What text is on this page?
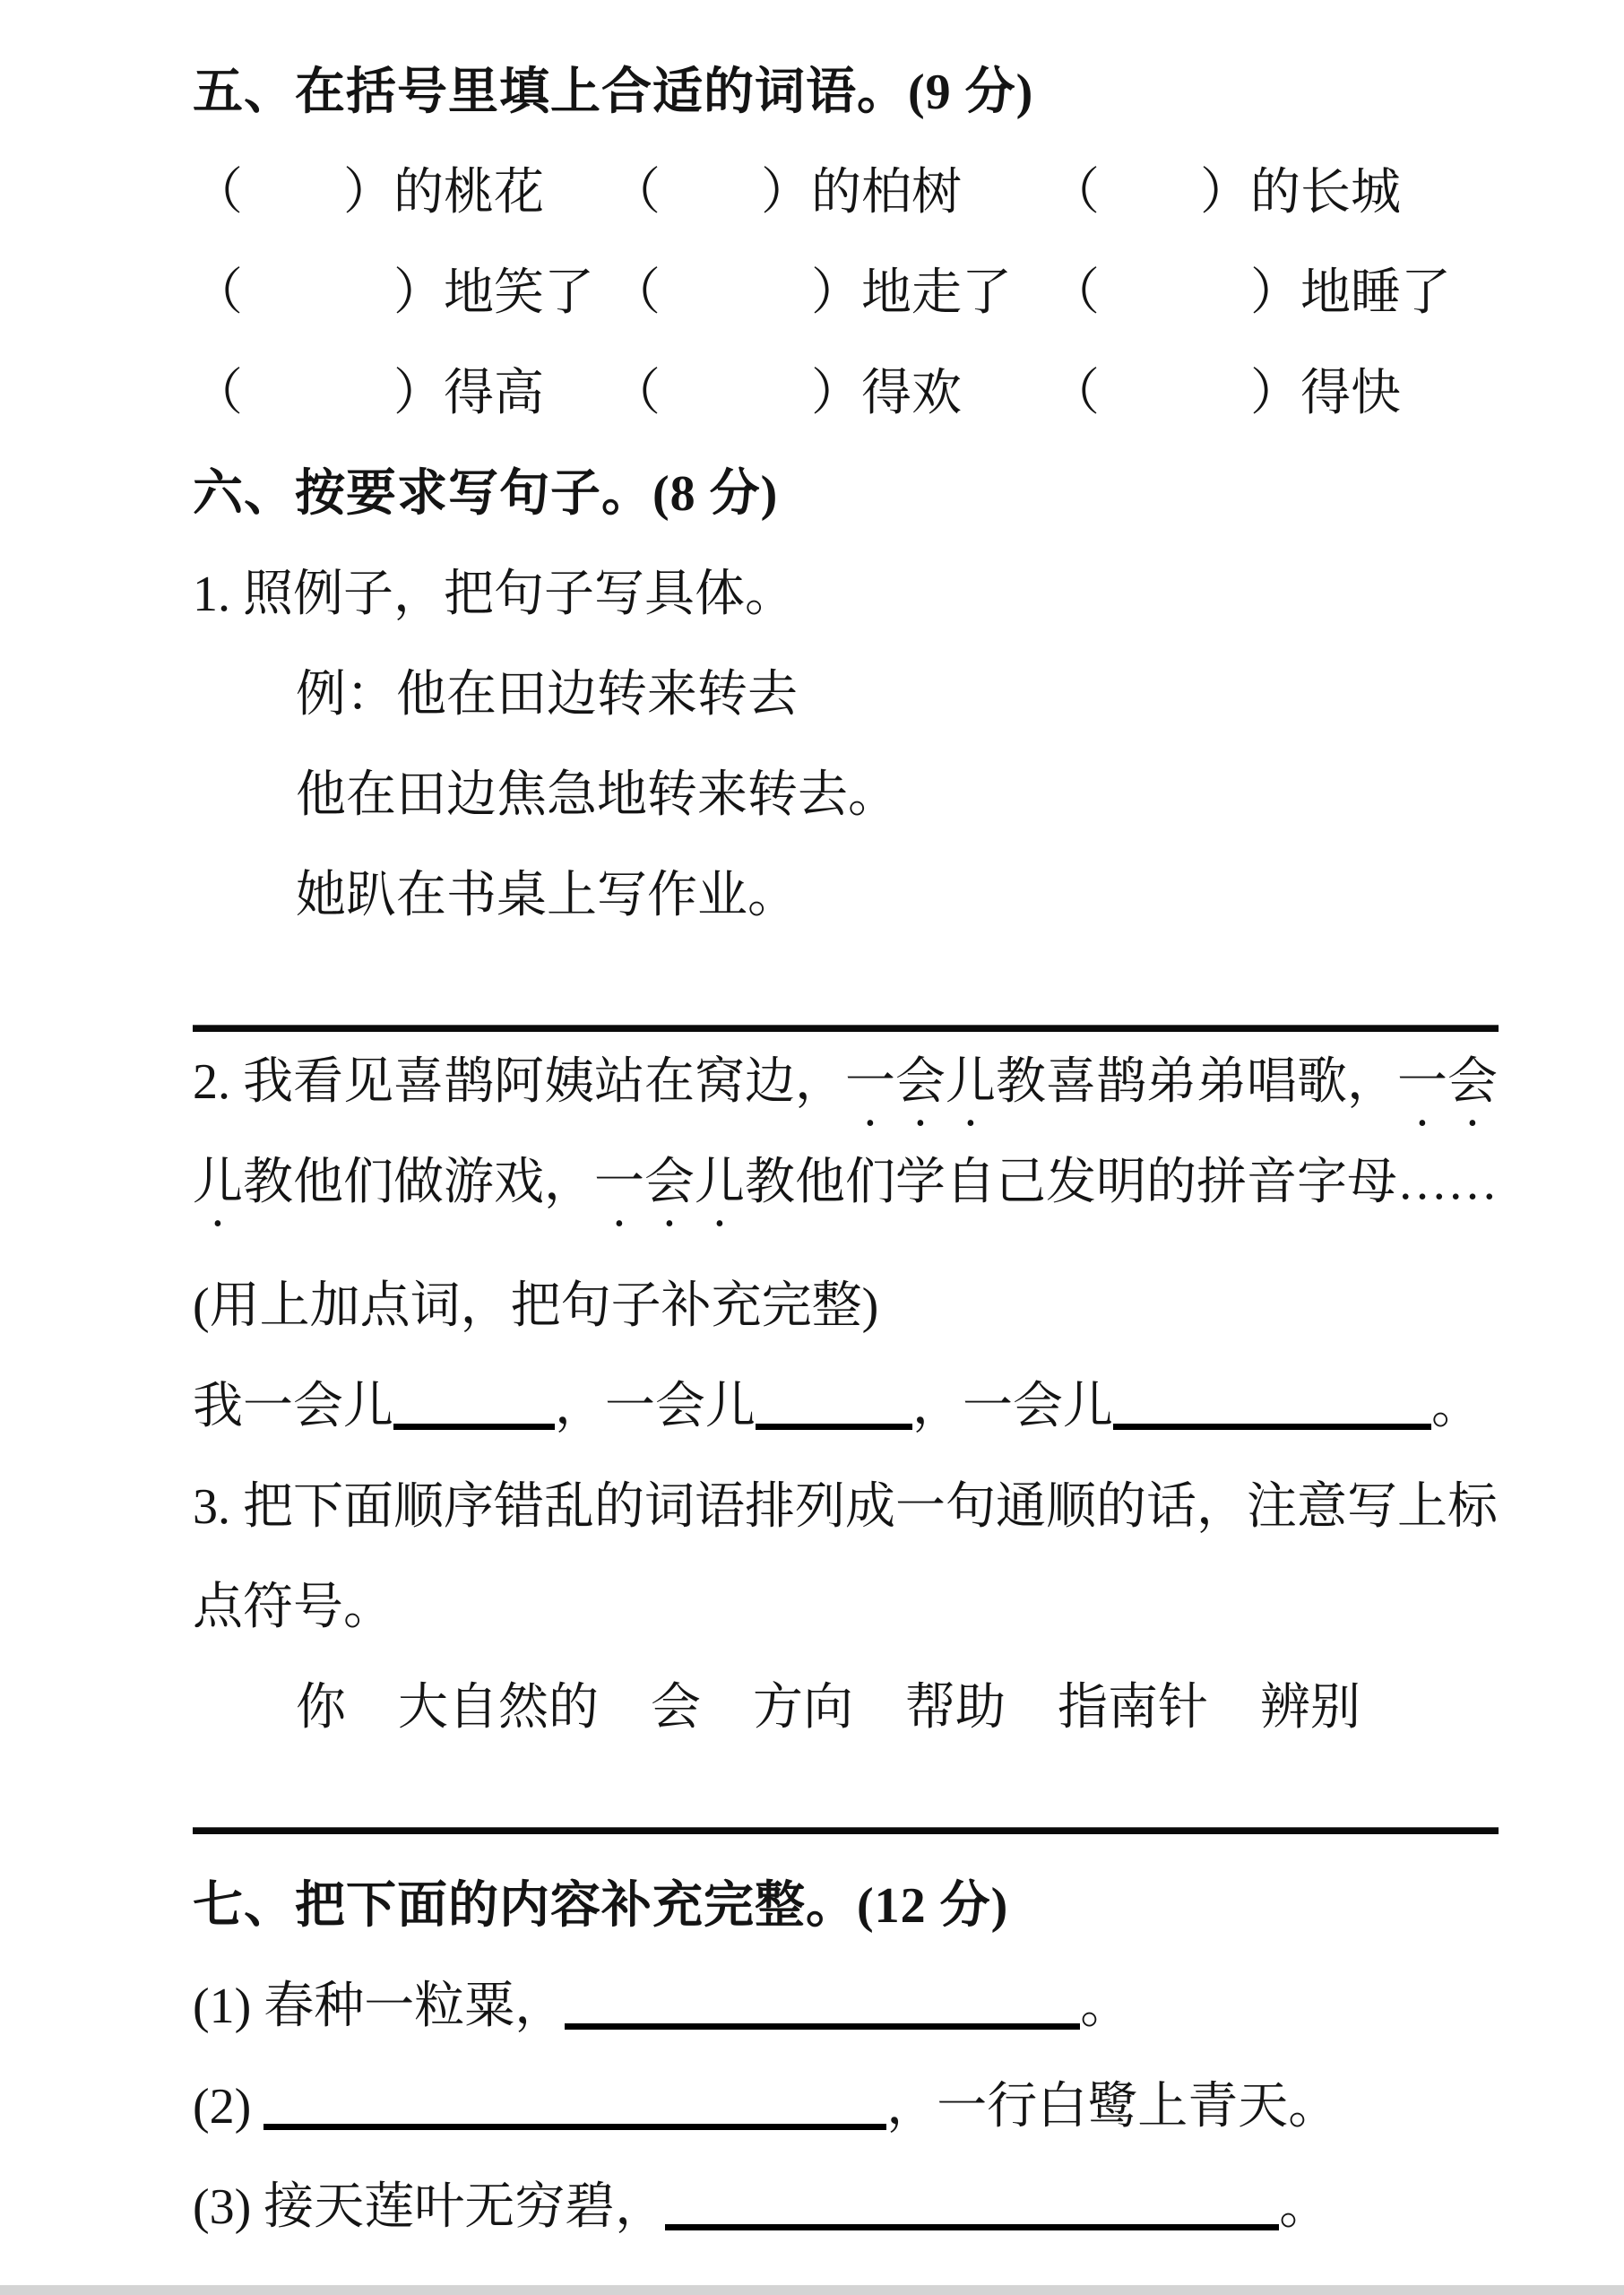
五、在括号里填上合适的词语。(9 分)
（　　）的桃花	（　　）的柏树	（　　）的长城
（　　　）地笑了 （　　　）地走了 （　　　）地睡了
（　　　）得高	（　　　）得欢	（　　　）得快
六、按要求写句子。(8 分)
1. 照例子，把句子写具体。
例：他在田边转来转去
他在田边焦急地转来转去。
她趴在书桌上写作业。
2. 我看见喜鹊阿姨站在窝边，一会儿教喜鹊弟弟唱歌，一会
儿教他们做游戏，一会儿教他们学自己发明的拼音字母……
(用上加点词，把句子补充完整)
我一会儿	，一会儿	，一会儿	。
3. 把下面顺序错乱的词语排列成一句通顺的话，注意写上标
点符号。
你 大自然的 会 方向 帮助 指南针 辨别
七、把下面的内容补充完整。(12 分)
(1) 春种一粒粟，	。
(2)	，一行白鹭上青天。
(3) 接天莲叶无穷碧，	。
